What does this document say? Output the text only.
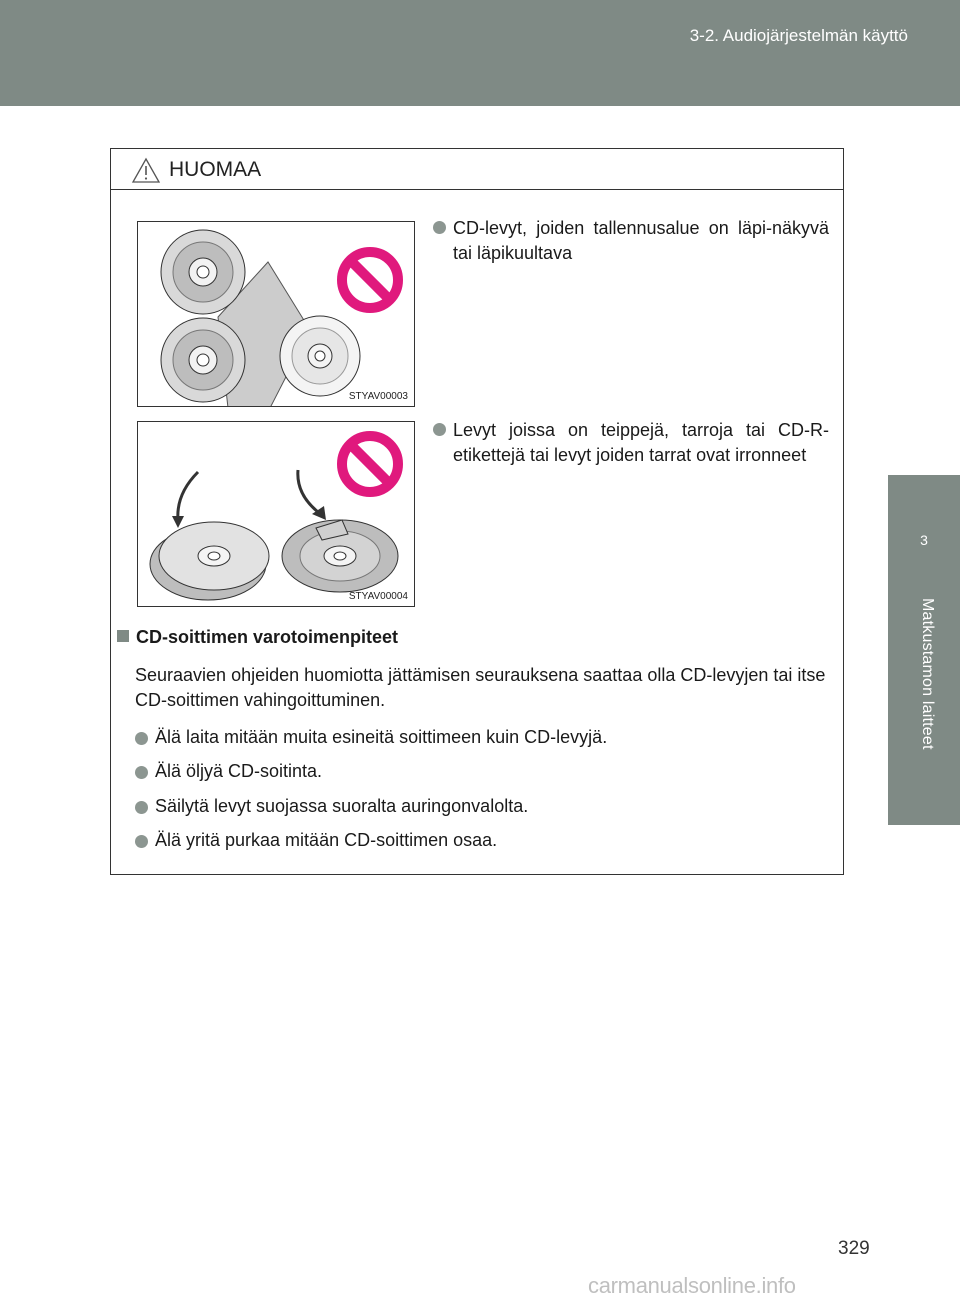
3-2. Audiojärjestelmän käyttö
3
Matkustamon laitteet
HUOMAA
STYAV00003
STYAV00004
CD-levyt, joiden tallennusalue on läpi-näkyvä tai läpikuultava
Levyt joissa on teippejä, tarroja tai CD-R-etikettejä tai levyt joiden tarrat ovat irronneet
CD-soittimen varotoimenpiteet
Seuraavien ohjeiden huomiotta jättämisen seurauksena saattaa olla CD-levyjen tai itse CD-soittimen vahingoittuminen.
Älä laita mitään muita esineitä soittimeen kuin CD-levyjä.
Älä öljyä CD-soitinta.
Säilytä levyt suojassa suoralta auringonvalolta.
Älä yritä purkaa mitään CD-soittimen osaa.
329
carmanualsonline.info
